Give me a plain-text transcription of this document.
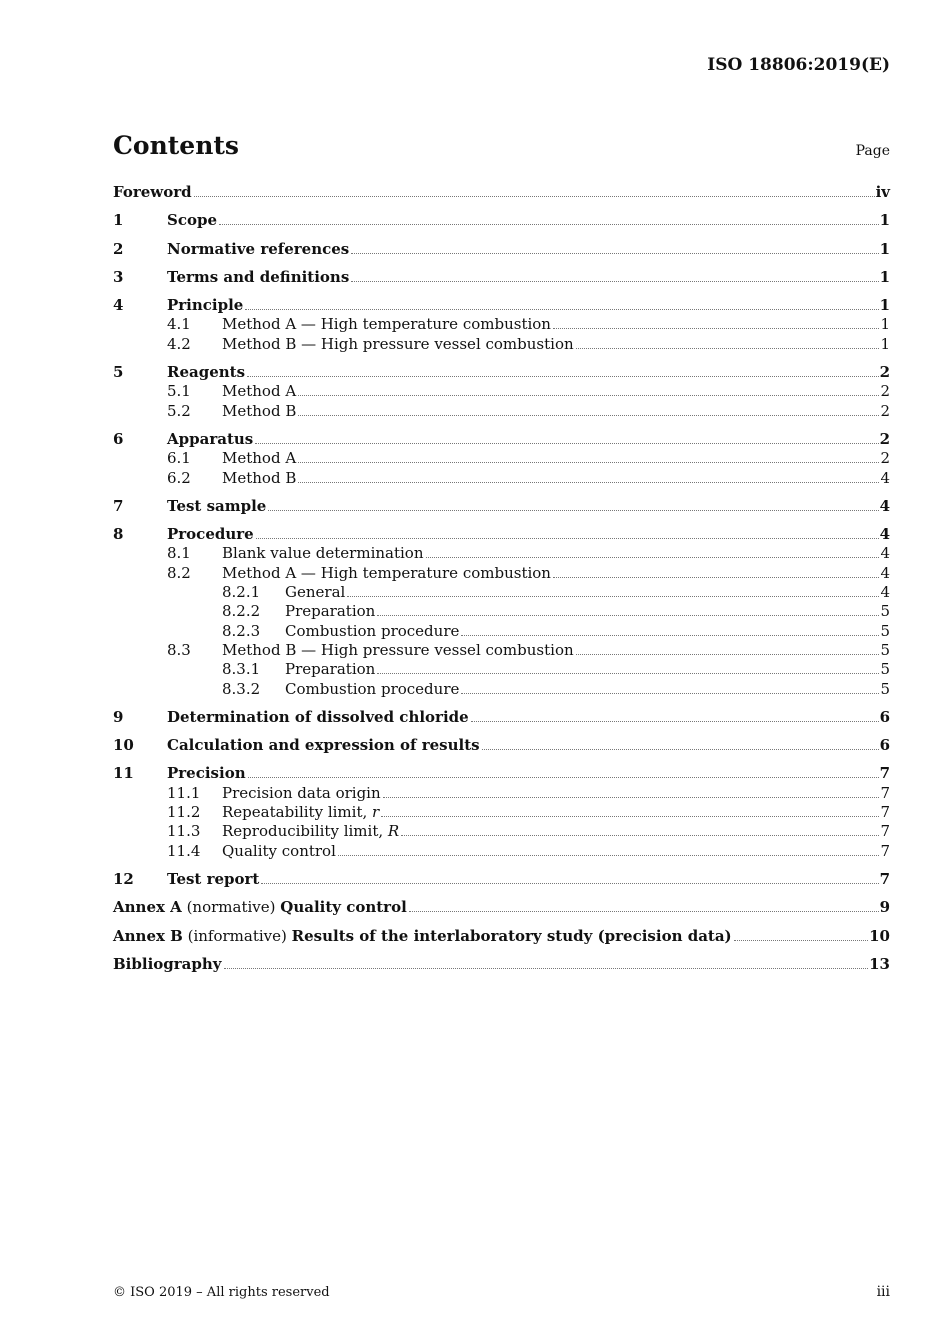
ISO 18806:2019(E)
Contents	Page
Foreword	iv
1	Scope	1
2	Normative references	1
3	Terms and definitions	1
4	Principle	1
4.1	Method A — High temperature combustion	1
4.2	Method B — High pressure vessel combustion	1
5	Reagents	2
5.1	Method A	2
5.2	Method B	2
6	Apparatus	2
6.1	Method A	2
6.2	Method B	4
7	Test sample	4
8	Procedure	4
8.1	Blank value determination	4
8.2	Method A — High temperature combustion	4
8.2.1	General	4
8.2.2	Preparation	5
8.2.3	Combustion procedure	5
8.3	Method B — High pressure vessel combustion	5
8.3.1	Preparation	5
8.3.2	Combustion procedure	5
9	Determination of dissolved chloride	6
10	Calculation and expression of results	6
11	Precision	7
11.1	Precision data origin	7
11.2	Repeatability limit, r	7
11.3	Reproducibility limit, R	7
11.4	Quality control	7
12	Test report	7
Annex A (normative) Quality control	9
Annex B (informative) Results of the interlaboratory study (precision data)	10
Bibliography	13
© ISO 2019 – All rights reserved	iii
